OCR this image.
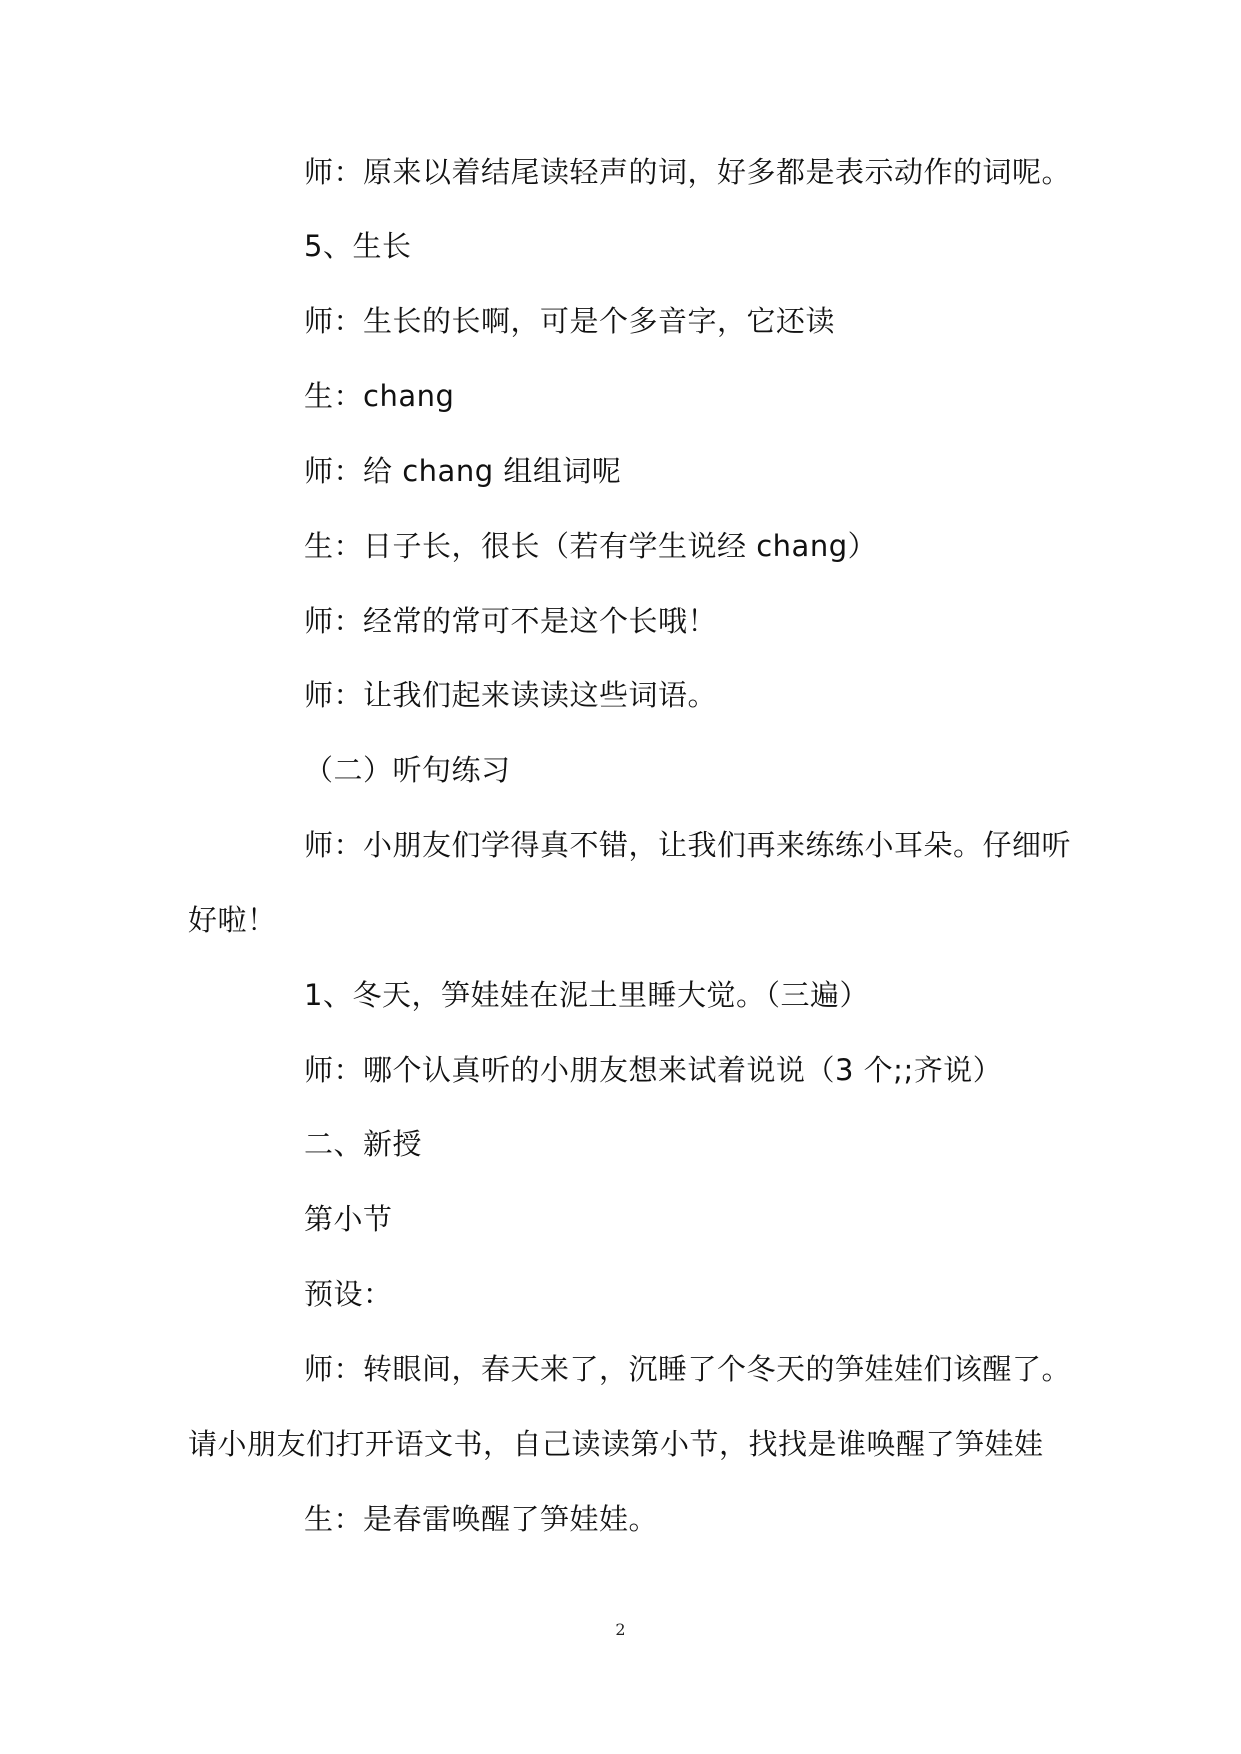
师：原来以着结尾读轻声的词，好多都是表示动作的词呢。
5、生长
师：生长的长啊，可是个多音字，它还读
生：chang
师：给 chang 组组词呢
生：日子长，很长（若有学生说经 chang）
师：经常的常可不是这个长哦！
师：让我们起来读读这些词语。
（二）听句练习
师：小朋友们学得真不错，让我们再来练练小耳朵。仔细听
好啦！
1、冬天，笋娃娃在泥土里睡大觉。（三遍）
师：哪个认真听的小朋友想来试着说说（3 个;;齐说）
二、新授
第小节
预设：
师：转眼间，春天来了，沉睡了个冬天的笋娃娃们该醒了。
请小朋友们打开语文书，自己读读第小节，找找是谁唤醒了笋娃娃
生：是春雷唤醒了笋娃娃。
2
